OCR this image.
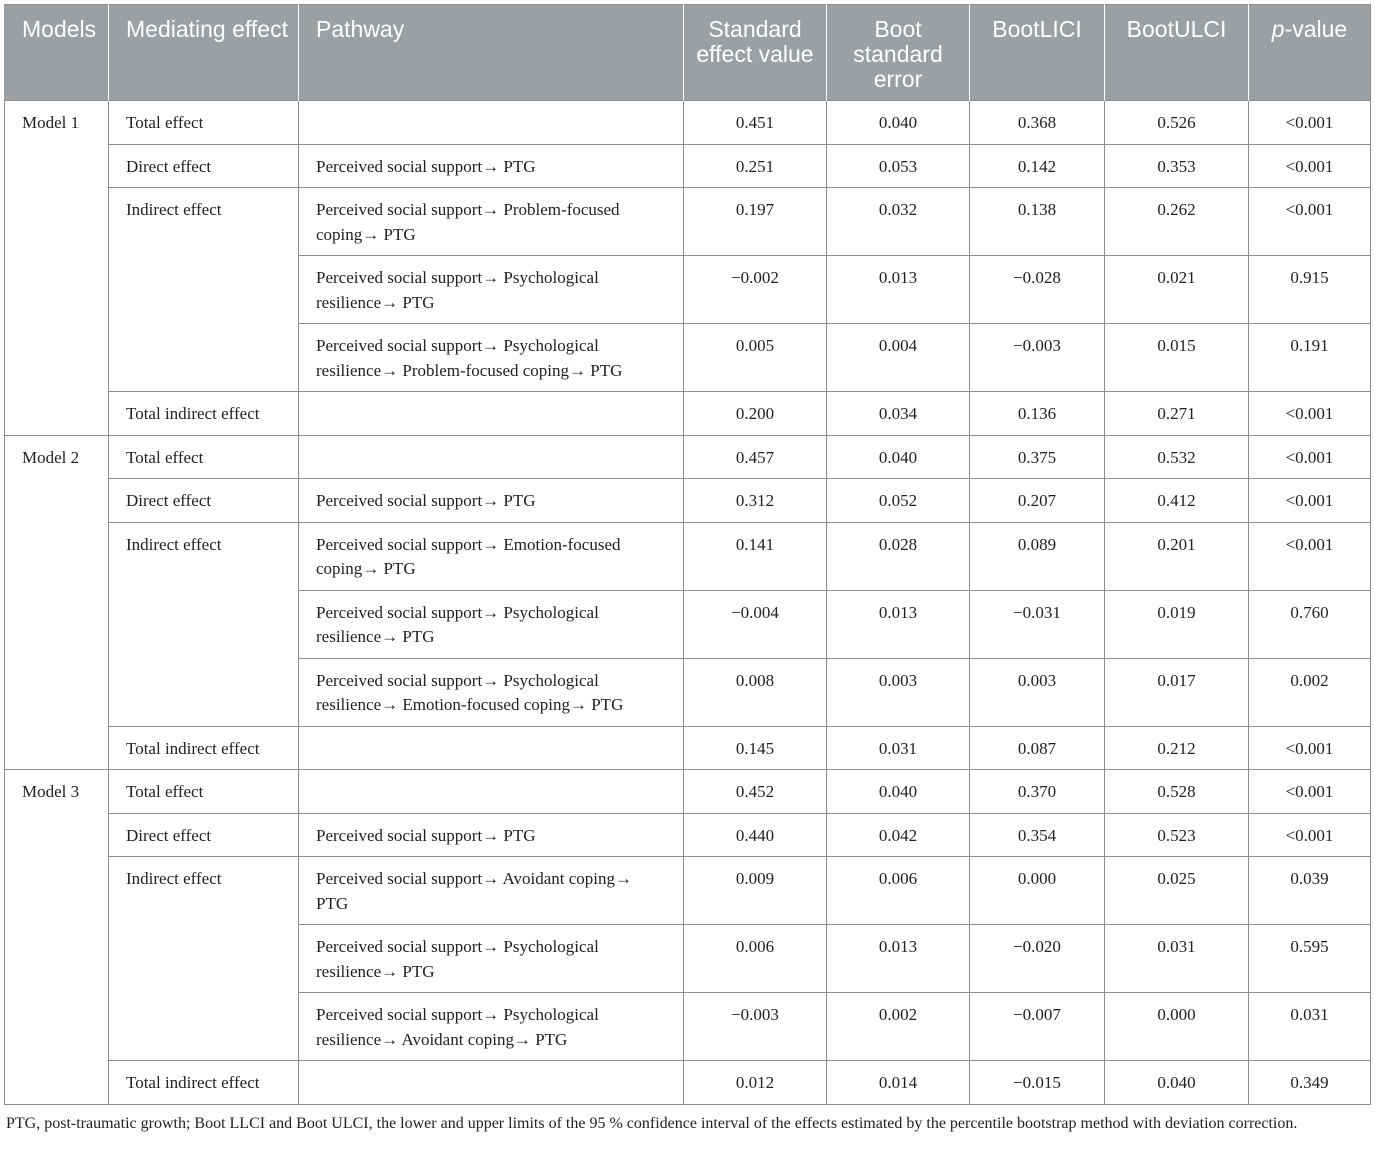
Models	Mediating effect	Pathway	Standard effect value	Boot standard error	BootLICI	BootULCI	p-value
Model 1	Total effect		0.451	0.040	0.368	0.526	<0.001
	Direct effect	Perceived social support→ PTG	0.251	0.053	0.142	0.353	<0.001
	Indirect effect	Perceived social support→ Problem-focused coping→ PTG	0.197	0.032	0.138	0.262	<0.001
		Perceived social support→ Psychological resilience→ PTG	−0.002	0.013	−0.028	0.021	0.915
		Perceived social support→ Psychological resilience→ Problem-focused coping→ PTG	0.005	0.004	−0.003	0.015	0.191
	Total indirect effect		0.200	0.034	0.136	0.271	<0.001
Model 2	Total effect		0.457	0.040	0.375	0.532	<0.001
	Direct effect	Perceived social support→ PTG	0.312	0.052	0.207	0.412	<0.001
	Indirect effect	Perceived social support→ Emotion-focused coping→ PTG	0.141	0.028	0.089	0.201	<0.001
		Perceived social support→ Psychological resilience→ PTG	−0.004	0.013	−0.031	0.019	0.760
		Perceived social support→ Psychological resilience→ Emotion-focused coping→ PTG	0.008	0.003	0.003	0.017	0.002
	Total indirect effect		0.145	0.031	0.087	0.212	<0.001
Model 3	Total effect		0.452	0.040	0.370	0.528	<0.001
	Direct effect	Perceived social support→ PTG	0.440	0.042	0.354	0.523	<0.001
	Indirect effect	Perceived social support→ Avoidant coping→ PTG	0.009	0.006	0.000	0.025	0.039
		Perceived social support→ Psychological resilience→ PTG	0.006	0.013	−0.020	0.031	0.595
		Perceived social support→ Psychological resilience→ Avoidant coping→ PTG	−0.003	0.002	−0.007	0.000	0.031
	Total indirect effect		0.012	0.014	−0.015	0.040	0.349
PTG, post-traumatic growth; Boot LLCI and Boot ULCI, the lower and upper limits of the 95 % confidence interval of the effects estimated by the percentile bootstrap method with deviation correction.
